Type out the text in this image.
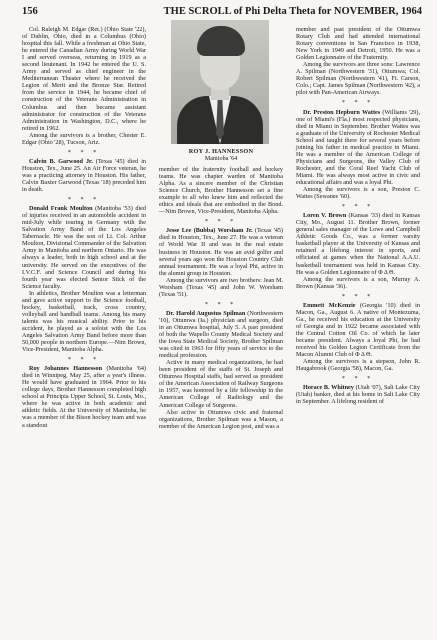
156	THE SCROLL of Phi Delta Theta for NOVEMBER, 1964

Col. Raleigh M. Edgar (Ret.) (Ohio State '22), of Dublin, Ohio, died in a Columbus (Ohio) hospital this fall. While a freshman at Ohio State, he entered the Canadian Army during World War I and served overseas, returning in 1919 as a second lieutenant. In 1942 he entered the U. S. Army and served as chief engineer in the Mediterranean Theater where he received the Legion of Merit and the Bronze Star. Retired from the service in 1944, he became chief of construction of the Veterans Administration in Columbus and then became assistant administrator for construction of the Veterans Administration in Washington, D.C., where he retired in 1962.

Among the survivors is a brother, Chester E. Edgar (Ohio '28), Tucson, Ariz.

* * *

Calvin B. Garwood Jr. (Texas '45) died in Houston, Tex., June 25. An Air Force veteran, he was a practicing attorney in Houston. His father, Calvin Baxter Garwood (Texas '18) preceded him in death.

* * *

Donald Frank Moulton (Manitoba '53) died of injuries received in an automobile accident in mid-July while touring in Germany with the Salvation Army Band of the Los Angeles Tabernacle. He was the son of Lt. Col. Arthur Moulton, Divisional Commander of the Salvation Army in Manitoba and northern Ontario. He was always a leader, both in high school and at the university. He served on the executives of the I.V.C.F. and Science Council and during his fourth year was elected Senior Stick of the Science faculty.

In athletics, Brother Moulton was a letterman and gave active support to the Science football, hockey, basketball, track, cross country, volleyball and handball teams. Among his many talents was his musical ability. Prior to his accident, he played as a soloist with the Los Angeles Salvation Army Band before more than 50,000 people in northern Europe.—Nim Brown, Vice-President, Manitoba Alpha.

* * *

Roy Johannes Hannesson (Manitoba '64) died in Winnipeg, May 25, after a year's illness. He would have graduated in 1964. Prior to his college days, Brother Hannesson completed high school at Principia Upper School, St. Louis, Mo., where he was active in both academic and athletic fields. At the University of Manitoba, he was a member of the Bison hockey team and was a standout

ROY J. HANNESSON
Manitoba '64

member of the fraternity football and hockey teams. He was chapter warden of Manitoba Alpha. As a sincere member of the Christian Science Church, Brother Hannesson set a fine example to all who knew him and reflected the ethics and ideals that are embodied in the Bond.—Nim Brown, Vice-President, Manitoba Alpha.

* * *

Jesse Lee (Bubba) Worsham Jr. (Texas '45) died in Houston, Tex., June 27. He was a veteran of World War II and was in the real estate business in Houston. He was an avid golfer and several years ago won the Houston Country Club annual tournament. He was a loyal Phi, active in the alumni group in Houston.

Among the survivors are two brothers: Jean M. Worsham (Texas '45) and John W. Worsham (Texas '51).

* * *

Dr. Harold Augustus Spilman (Northwestern '10), Ottumwa (Ia.) physician and surgeon, died in an Ottumwa hospital, July 5. A past president of both the Wapello County Medical Society and the Iowa State Medical Society, Brother Spilman was cited in 1963 for fifty years of service to the medical profession.

Active in many medical organizations, he had been president of the staffs of St. Joseph and Ottumwa Hospital staffs, had served as president of the American Association of Railway Surgeons in 1957, was honored by a life fellowship in the American College of Radiology and the American College of Surgeons.

Also active in Ottumwa civic and fraternal organizations, Brother Spilman was a Mason, a member of the American Legion post, and was a

member and past president of the Ottumwa Rotary Club and had attended international Rotary conventions in San Francisco in 1938, New York in 1949 and Detroit, 1950. He was a Golden Legionnaire of the Fraternity.

Among the survivors are three sons: Lawrence A. Spilman (Northwestern '31), Ottumwa; Col. Robert Spilman (Northwestern '41), Ft. Carson, Colo.; Capt. James Spilman (Northwestern '42), a pilot with Pan-American Airways.

* * *

Dr. Preston Hepburn Wattes (Williams '29), one of Miami's (Fla.) most respected physicians, died in Miami in September. Brother Wattes was a graduate of the University of Rochester Medical School and taught there for several years before joining his father in medical practice in Miami. He was a member of the American College of Physicians and Surgeons, the Valley Club of Rochester, and the Coral Reef Yacht Club of Miami. He was always most active in civic and educational affairs and was a loyal Phi.

Among the survivors is a son, Preston C. Wattes (Sewanee '60).

* * *

Loren V. Brown (Kansas '33) died in Kansas City, Mo., August 11. Brother Brown, former general sales manager of the Lowe and Campbell Athletic Goods Co., was a former varsity basketball player at the University of Kansas and retained a lifelong interest in sports, and officiated at games when the National A.A.U. basketball tournament was held in Kansas City. He was a Golden Legionnaire of Φ Δ Θ.

Among the survivors is a son, Murray A. Brown (Kansas '36).

* * *

Emmett McKenzie (Georgia '10) died in Macon, Ga., August 6. A native of Montezuma, Ga., he received his education at the University of Georgia and in 1922 became associated with the Central Cotton Oil Co. of which he later became president. Always a loyal Phi, he had received his Golden Legion Certificate from the Macon Alumni Club of Φ Δ Θ.

Among the survivors is a stepson, John R. Haugabrook (Georgia '58), Macon, Ga.

* * *

Horace B. Whitney (Utah '07), Salt Lake City (Utah) banker, died at his home in Salt Lake City in September. A lifelong resident of
